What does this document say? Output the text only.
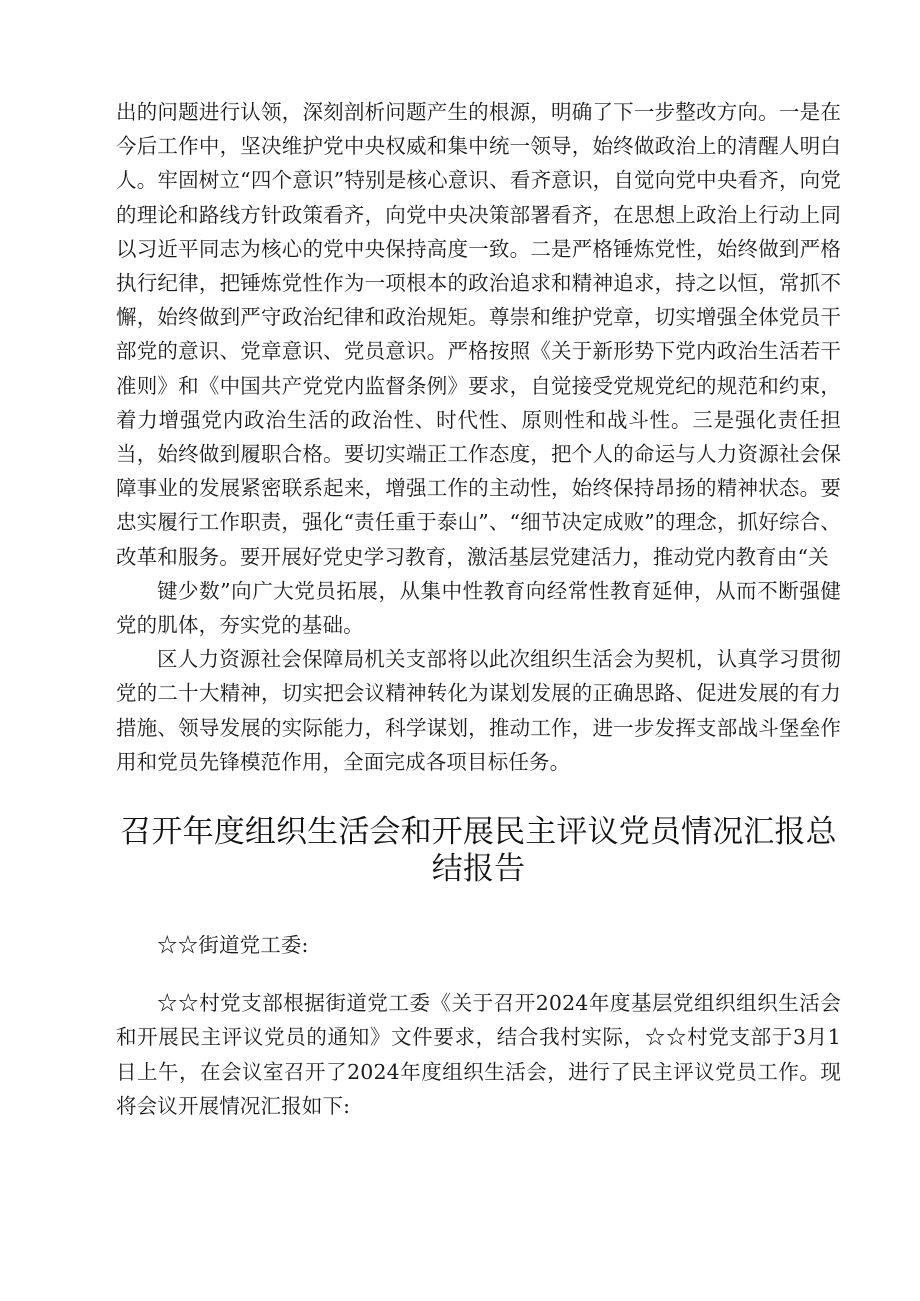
出的问题进行认领，深刻剖析问题产生的根源，明确了下一步整改方向。一是在今后工作中，坚决维护党中央权威和集中统一领导，始终做政治上的清醒人明白人。牢固树立“四个意识”特别是核心意识、看齐意识，自觉向党中央看齐，向党的理论和路线方针政策看齐，向党中央决策部署看齐，在思想上政治上行动上同以习近平同志为核心的党中央保持高度一致。二是严格锤炼党性，始终做到严格执行纪律，把锤炼党性作为一项根本的政治追求和精神追求，持之以恒，常抓不懈，始终做到严守政治纪律和政治规矩。尊崇和维护党章，切实增强全体党员干部党的意识、党章意识、党员意识。严格按照《关于新形势下党内政治生活若干准则》和《中国共产党党内监督条例》要求，自觉接受党规党纪的规范和约束，着力增强党内政治生活的政治性、时代性、原则性和战斗性。三是强化责任担当，始终做到履职合格。要切实端正工作态度，把个人的命运与人力资源社会保障事业的发展紧密联系起来，增强工作的主动性，始终保持昂扬的精神状态。要忠实履行工作职责，强化“责任重于泰山”、“细节决定成败”的理念，抓好综合、改革和服务。要开展好党史学习教育，激活基层党建活力，推动党内教育由“关

键少数”向广大党员拓展，从集中性教育向经常性教育延伸，从而不断强健党的肌体，夯实党的基础。

区人力资源社会保障局机关支部将以此次组织生活会为契机，认真学习贯彻党的二十大精神，切实把会议精神转化为谋划发展的正确思路、促进发展的有力措施、领导发展的实际能力，科学谋划，推动工作，进一步发挥支部战斗堡垒作用和党员先锋模范作用，全面完成各项目标任务。

召开年度组织生活会和开展民主评议党员情况汇报总结报告

☆☆街道党工委:

☆☆村党支部根据街道党工委《关于召开2024年度基层党组织组织生活会和开展民主评议党员的通知》文件要求，结合我村实际，☆☆村党支部于3月1日上午，在会议室召开了2024年度组织生活会，进行了民主评议党员工作。现将会议开展情况汇报如下:
